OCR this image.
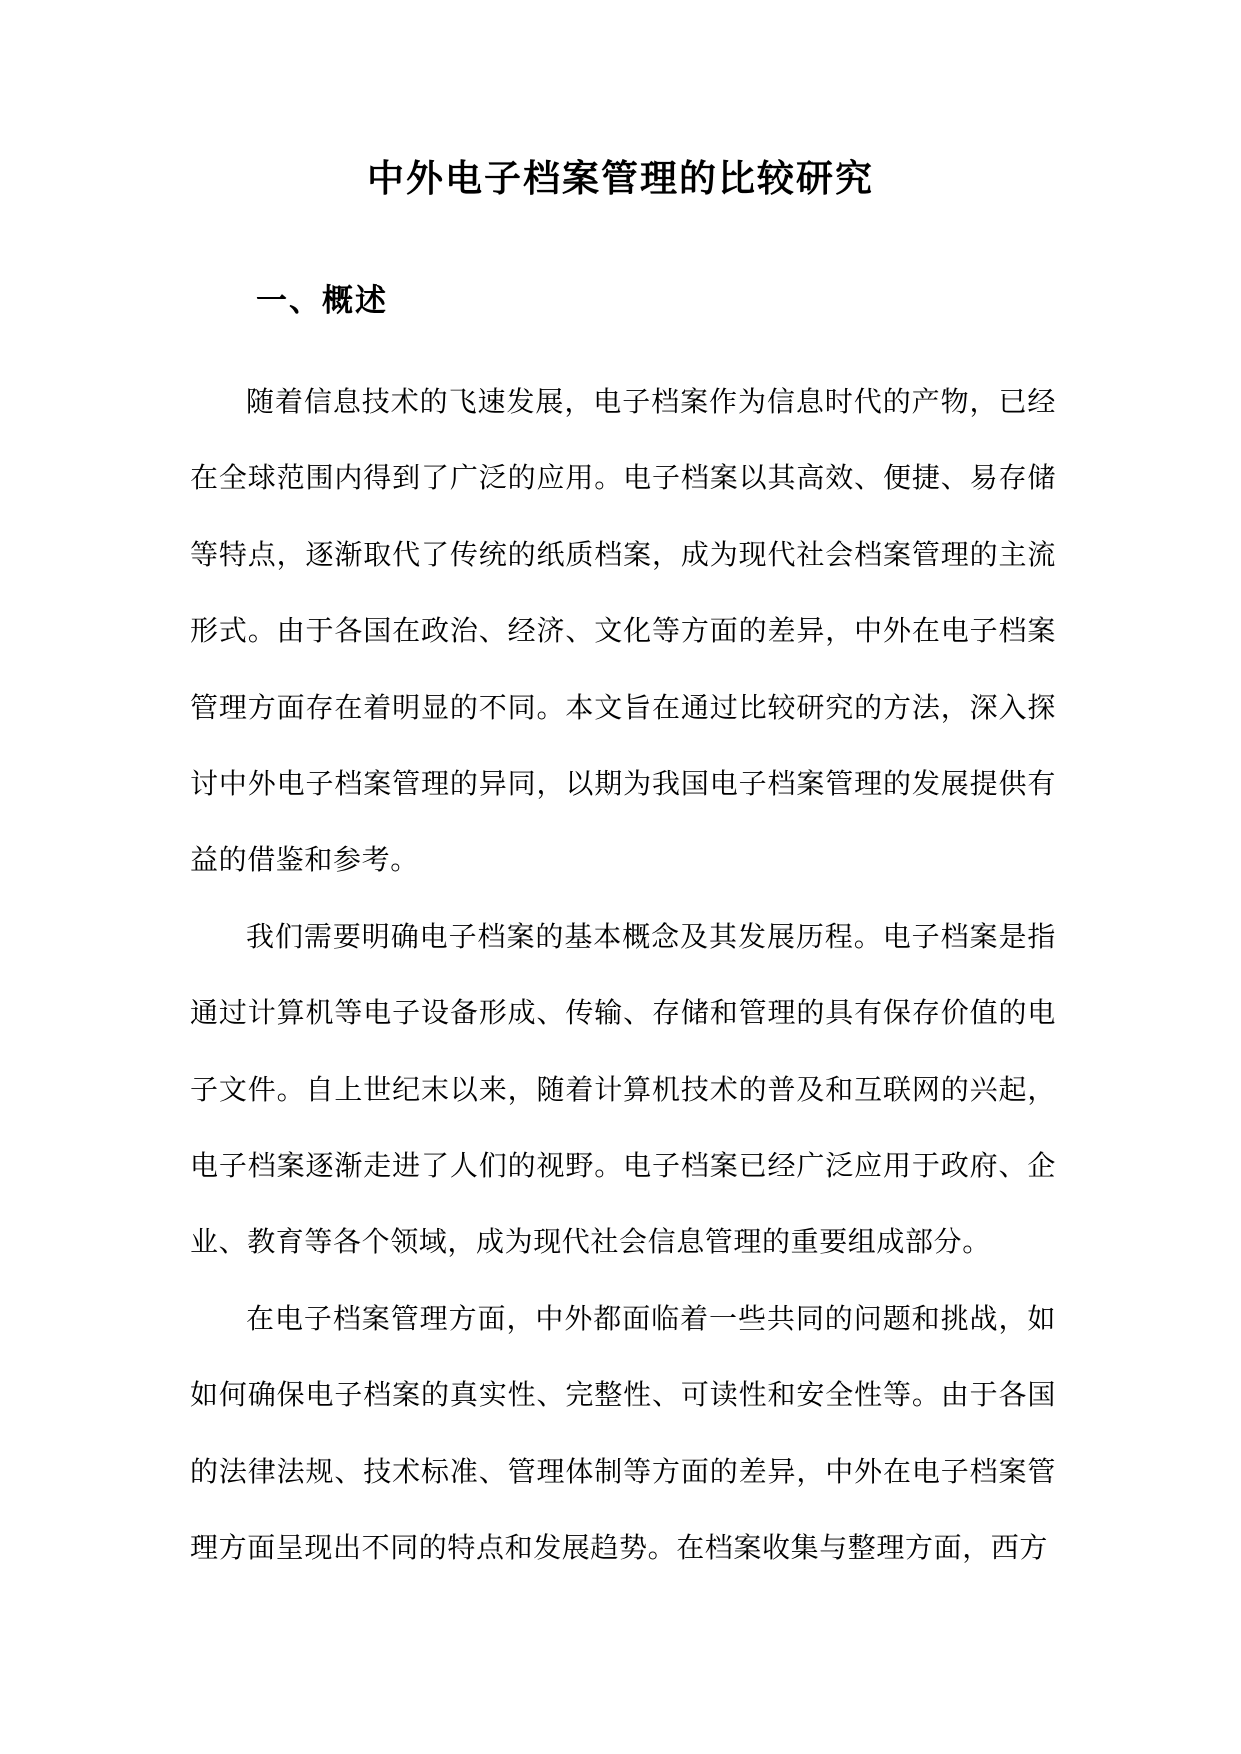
中外电子档案管理的比较研究
一、概述

随着信息技术的飞速发展，电子档案作为信息时代的产物，已经在全球范围内得到了广泛的应用。电子档案以其高效、便捷、易存储等特点，逐渐取代了传统的纸质档案，成为现代社会档案管理的主流形式。由于各国在政治、经济、文化等方面的差异，中外在电子档案管理方面存在着明显的不同。本文旨在通过比较研究的方法，深入探讨中外电子档案管理的异同，以期为我国电子档案管理的发展提供有益的借鉴和参考。

我们需要明确电子档案的基本概念及其发展历程。电子档案是指通过计算机等电子设备形成、传输、存储和管理的具有保存价值的电子文件。自上世纪末以来，随着计算机技术的普及和互联网的兴起，电子档案逐渐走进了人们的视野。电子档案已经广泛应用于政府、企业、教育等各个领域，成为现代社会信息管理的重要组成部分。

在电子档案管理方面，中外都面临着一些共同的问题和挑战，如如何确保电子档案的真实性、完整性、可读性和安全性等。由于各国的法律法规、技术标准、管理体制等方面的差异，中外在电子档案管理方面呈现出不同的特点和发展趋势。在档案收集与整理方面，西方
